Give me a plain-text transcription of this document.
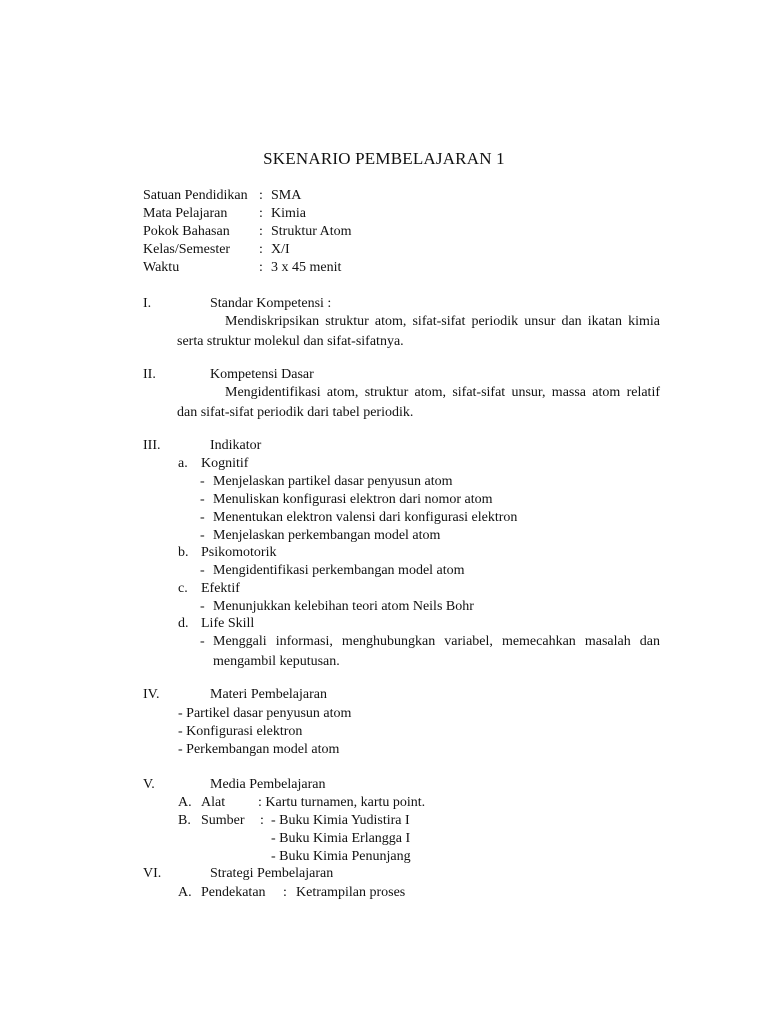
SKENARIO PEMBELAJARAN 1
Satuan Pendidikan : SMA
Mata Pelajaran : Kimia
Pokok Bahasan : Struktur Atom
Kelas/Semester : X/I
Waktu	: 3 x 45 menit
I.	Standar Kompetensi :
Mendiskripsikan struktur atom, sifat-sifat periodik unsur dan ikatan kimia serta struktur molekul dan sifat-sifatnya.
II.	Kompetensi Dasar
Mengidentifikasi atom, struktur atom, sifat-sifat unsur, massa atom relatif dan sifat-sifat periodik dari tabel periodik.
III.	Indikator
a. Kognitif
- Menjelaskan partikel dasar penyusun atom
- Menuliskan konfigurasi elektron dari nomor atom
- Menentukan elektron valensi dari konfigurasi elektron
- Menjelaskan perkembangan model atom
b. Psikomotorik
- Mengidentifikasi perkembangan model atom
c. Efektif
- Menunjukkan kelebihan teori atom Neils Bohr
d. Life Skill
- Menggali informasi, menghubungkan variabel, memecahkan masalah dan mengambil keputusan.
IV.	Materi Pembelajaran
- Partikel dasar penyusun atom
- Konfigurasi elektron
- Perkembangan model atom
V.	Media Pembelajaran
A. Alat : Kartu turnamen, kartu point.
B. Sumber : - Buku Kimia Yudistira I
- Buku Kimia Erlangga I
- Buku Kimia Penunjang
VI.	Strategi Pembelajaran
A. Pendekatan : Ketrampilan proses
